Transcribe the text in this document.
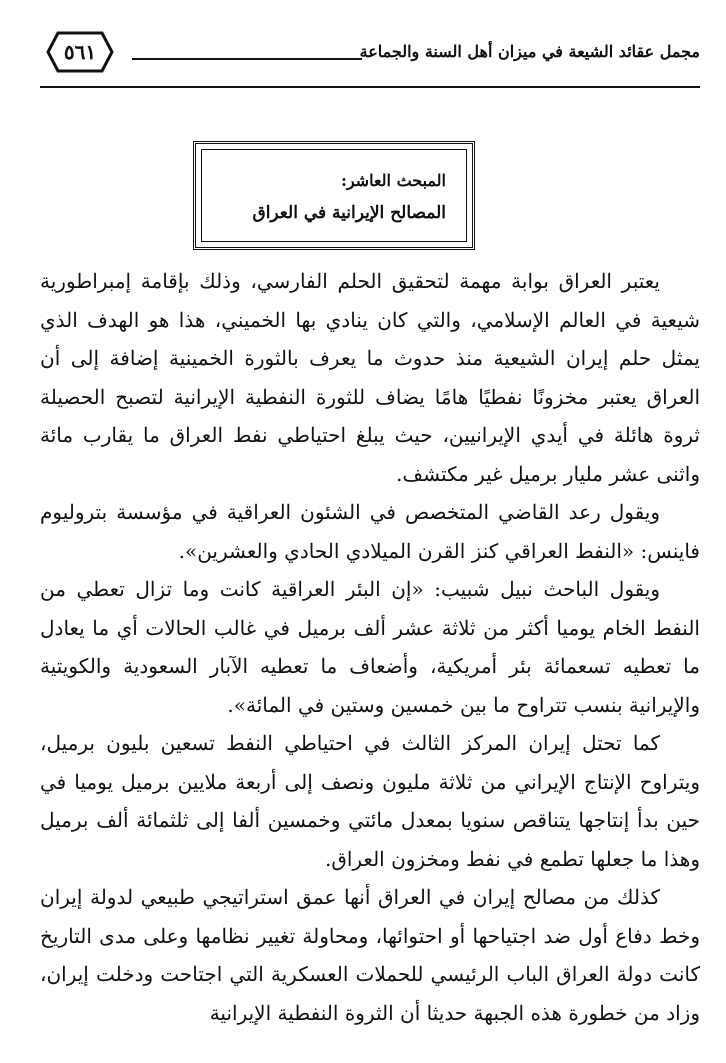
مجمل عقائد الشيعة في ميزان أهل السنة والجماعة
٥٦١
المبحث العاشر:
المصالح الإيرانية في العراق

يعتبر العراق بوابة مهمة لتحقيق الحلم الفارسي، وذلك بإقامة إمبراطورية شيعية في العالم الإسلامي، والتي كان ينادي بها الخميني، هذا هو الهدف الذي يمثل حلم إيران الشيعية منذ حدوث ما يعرف بالثورة الخمينية إضافة إلى أن العراق يعتبر مخزونًا نفطيًا هامًا يضاف للثورة النفطية الإيرانية لتصبح الحصيلة ثروة هائلة في أيدي الإيرانيين، حيث يبلغ احتياطي نفط العراق ما يقارب مائة واثنى عشر مليار برميل غير مكتشف.

ويقول رعد القاضي المتخصص في الشئون العراقية في مؤسسة بتروليوم فاينس: «النفط العراقي كنز القرن الميلادي الحادي والعشرين».

ويقول الباحث نبيل شبيب: «إن البئر العراقية كانت وما تزال تعطي من النفط الخام يوميا أكثر من ثلاثة عشر ألف برميل في غالب الحالات أي ما يعادل ما تعطيه تسعمائة بئر أمريكية، وأضعاف ما تعطيه الآبار السعودية والكويتية والإيرانية بنسب تتراوح ما بين خمسين وستين في المائة».

كما تحتل إيران المركز الثالث في احتياطي النفط تسعين بليون برميل، ويتراوح الإنتاج الإيراني من ثلاثة مليون ونصف إلى أربعة ملايين برميل يوميا في حين بدأ إنتاجها يتناقص سنويا بمعدل مائتي وخمسين ألفا إلى ثلثمائة ألف برميل وهذا ما جعلها تطمع في نفط ومخزون العراق.

كذلك من مصالح إيران في العراق أنها عمق استراتيجي طبيعي لدولة إيران وخط دفاع أول ضد اجتياحها أو احتوائها، ومحاولة تغيير نظامها وعلى مدى التاريخ كانت دولة العراق الباب الرئيسي للحملات العسكرية التي اجتاحت ودخلت إيران، وزاد من خطورة هذه الجبهة حديثا أن الثروة النفطية الإيرانية
